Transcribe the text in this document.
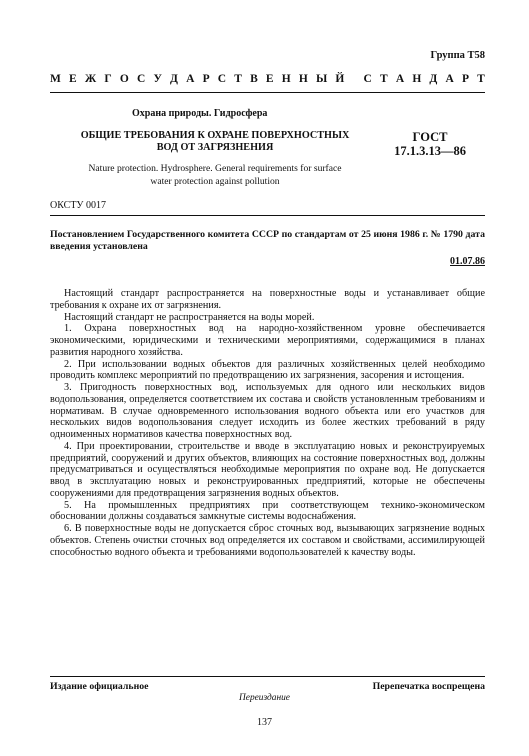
Группа Т58
М Е Ж Г О С У Д А Р С Т В Е Н Н Ы Й
С Т А Н Д А Р Т
Охрана природы. Гидросфера
ОБЩИЕ ТРЕБОВАНИЯ К ОХРАНЕ ПОВЕРХНОСТНЫХ
ВОД ОТ ЗАГРЯЗНЕНИЯ
ГОСТ
17.1.3.13—86
Nature protection. Hydrosphere. General requirements for surface
water protection against pollution
ОКСТУ 0017
Постановлением Государственного комитета СССР по стандартам от 25 июня 1986 г. № 1790 дата введения установлена
01.07.86

Настоящий стандарт распространяется на поверхностные воды и устанавливает общие требования к охране их от загрязнения.

Настоящий стандарт не распространяется на воды морей.

1. Охрана поверхностных вод на народно-хозяйственном уровне обеспечивается экономическими, юридическими и техническими мероприятиями, содержащимися в планах развития народного хозяйства.

2. При использовании водных объектов для различных хозяйственных целей необходимо проводить комплекс мероприятий по предотвращению их загрязнения, засорения и истощения.

3. Пригодность поверхностных вод, используемых для одного или нескольких видов водопользования, определяется соответствием их состава и свойств установленным требованиям и нормативам. В случае одновременного использования водного объекта или его участков для нескольких видов водопользования следует исходить из более жестких требований в ряду одноименных нормативов качества поверхностных вод.

4. При проектировании, строительстве и вводе в эксплуатацию новых и реконструируемых предприятий, сооружений и других объектов, влияющих на состояние поверхностных вод, должны предусматриваться и осуществляться необходимые мероприятия по охране вод. Не допускается ввод в эксплуатацию новых и реконструированных предприятий, которые не обеспечены сооружениями для предотвращения загрязнения водных объектов.

5. На промышленных предприятиях при соответствующем технико-экономическом обосновании должны создаваться замкнутые системы водоснабжения.

6. В поверхностные воды не допускается сброс сточных вод, вызывающих загрязнение водных объектов. Степень очистки сточных вод определяется их составом и свойствами, ассимилирующей способностью водного объекта и требованиями водопользователей к качеству воды.

Издание официальное	Перепечатка воспрещена
Переиздание
137
